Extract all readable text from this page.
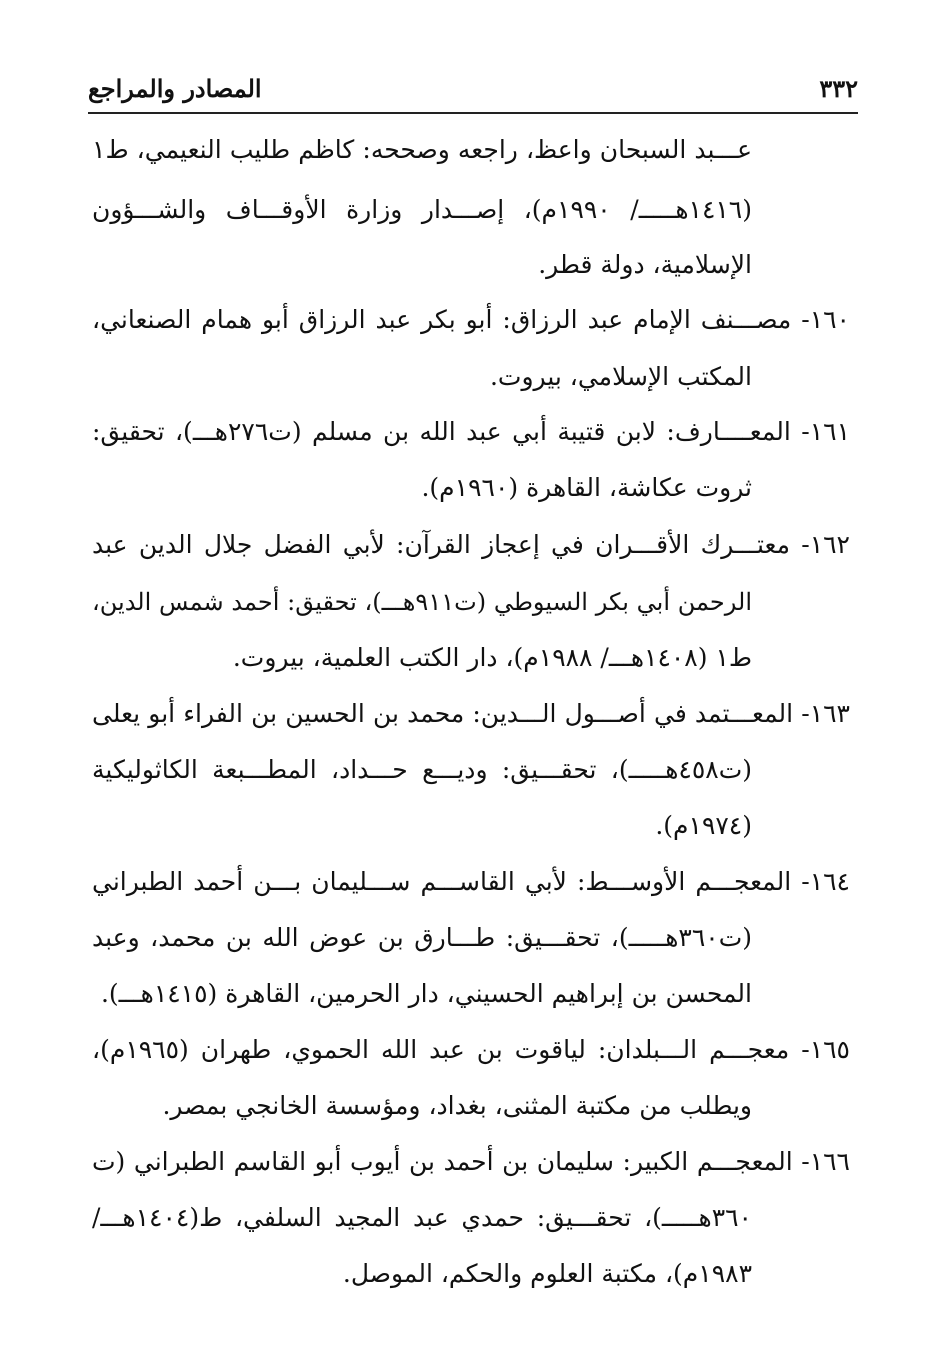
٣٣٢
المصادر والمراجع
عـــبد السبحان واعظ، راجعه وصححه: كاظم طليب النعيمي، ط١
(١٤١٦هـــــ/ ١٩٩٠م)، إصـــدار وزارة الأوقـــاف والشـــؤون
الإسلامية، دولة قطر.
١٦٠- مصـــنف الإمام عبد الرزاق: أبو بكر عبد الرزاق أبو همام الصنعاني،
المكتب الإسلامي، بيروت.
١٦١- المعــــارف: لابن قتيبة أبي عبد الله بن مسلم (ت٢٧٦هـــ)، تحقيق:
ثروت عكاشة، القاهرة (١٩٦٠م).
١٦٢- معتـــرك الأقـــران في إعجاز القرآن: لأبي الفضل جلال الدين عبد
الرحمن أبي بكر السيوطي (ت٩١١هـــ)، تحقيق: أحمد شمس الدين،
ط١ (١٤٠٨هـــ/ ١٩٨٨م)، دار الكتب العلمية، بيروت.
١٦٣- المعـــتمد في أصـــول الـــدين: محمد بن الحسين بن الفراء أبو يعلى
(ت٤٥٨هـــــ)، تحقـــيق: وديـــع حـــداد، المطـــبعة الكاثوليكية
(١٩٧٤م).
١٦٤- المعجـــم الأوســـط: لأبي القاســـم ســـليمان بـــن أحمد الطبراني
(ت٣٦٠هـــــ)، تحقـــيق: طـــارق بن عوض الله بن محمد، وعبد
المحسن بن إبراهيم الحسيني، دار الحرمين، القاهرة (١٤١٥هـــ).
١٦٥- معجـــم الـــبلدان: لياقوت بن عبد الله الحموي، طهران (١٩٦٥م)،
ويطلب من مكتبة المثنى، بغداد، ومؤسسة الخانجي بمصر.
١٦٦- المعجـــم الكبير: سليمان بن أحمد بن أيوب أبو القاسم الطبراني (ت
٣٦٠هـــــ)، تحقـــيق: حمدي عبد المجيد السلفي، ط(١٤٠٤هـــ/
١٩٨٣م)، مكتبة العلوم والحكم، الموصل.
